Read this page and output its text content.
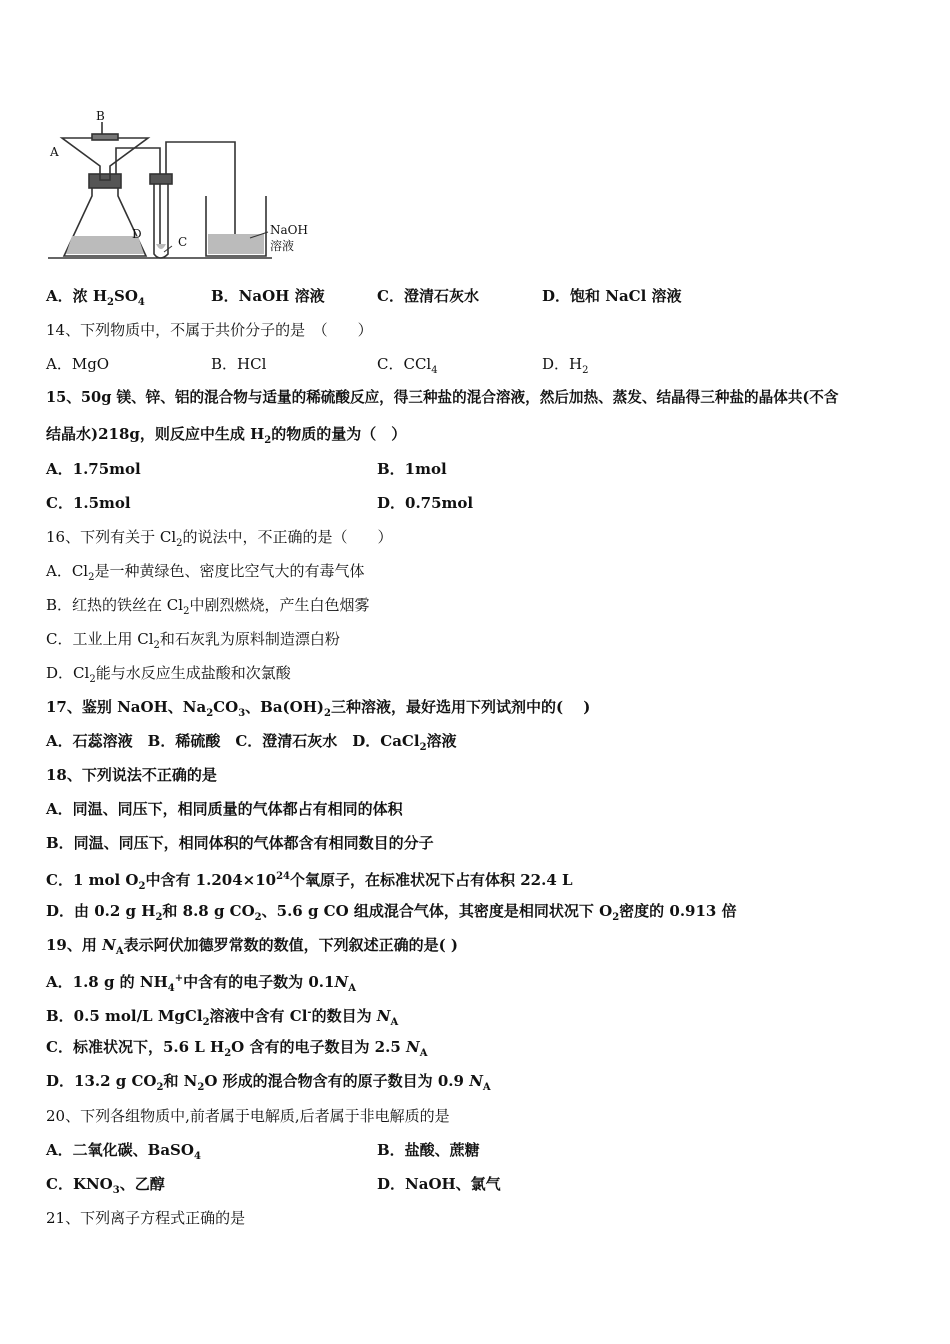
A
B
C
D	NaOH
溶液
A．浓 $H_2SO_4$	B．NaOH 溶液	C．澄清石灰水	D．饱和 NaCl 溶液
14、下列物质中，不属于共价分子的是　（　　）
A．MgO	B．HCl	C．CCl$_4$	D．$H_2$
15、50g 镁、锌、铝的混合物与适量的稀硫酸反应，得三种盐的混合溶液，然后加热、蒸发、结晶得三种盐的晶体共(不含
结晶水)218g，则反应中生成 $H_2$的物质的量为（　）
A．1.75mol	B．1mol
C．1.5mol	D．0.75mol
16、下列有关于 $Cl_2$的说法中，不正确的是（　　）
A．$Cl_2$是一种黄绿色、密度比空气大的有毒气体
B．红热的铁丝在 $Cl_2$中剧烈燃烧，产生白色烟雾
C．工业上用 $Cl_2$和石灰乳为原料制造漂白粉
D．$Cl_2$能与水反应生成盐酸和次氯酸
17、鉴别 NaOH、$Na_2CO_3$、$Ba(OH)_2$三种溶液，最好选用下列试剂中的(　 )
A．石蕊溶液　B．稀硫酸　C．澄清石灰水　D．CaCl$_2$溶液
18、下列说法不正确的是
A．同温、同压下，相同质量的气体都占有相同的体积
B．同温、同压下，相同体积的气体都含有相同数目的分子
C．1 mol $O_2$中含有 $1.204\times 10^{24}$个氧原子，在标准状况下占有体积 22.4 L
D．由 0.2 g $H_2$和 8.8 g $CO_2$、5.6 g CO 组成混合气体，其密度是相同状况下 $O_2$密度的 0.913 倍
19、用 $N_A$表示阿伏加德罗常数的数值，下列叙述正确的是( )
A．1.8 g 的 $NH_4^+$中含有的电子数为 $0.1N_A$
B．0.5 mol/L MgCl$_2$溶液中含有 Cl-的数目为 $N_A$
C．标准状况下，5.6 L $H_2O$ 含有的电子数目为 2.5 $N_A$
D．13.2 g $CO_2$和 $N_2O$ 形成的混合物含有的原子数目为 0.9 $N_A$
20、下列各组物质中,前者属于电解质,后者属于非电解质的是
A．二氧化碳、BaSO$_4$	B．盐酸、蔗糖
C．$KNO_3$、乙醇	D．NaOH、氯气
21、下列离子方程式正确的是
